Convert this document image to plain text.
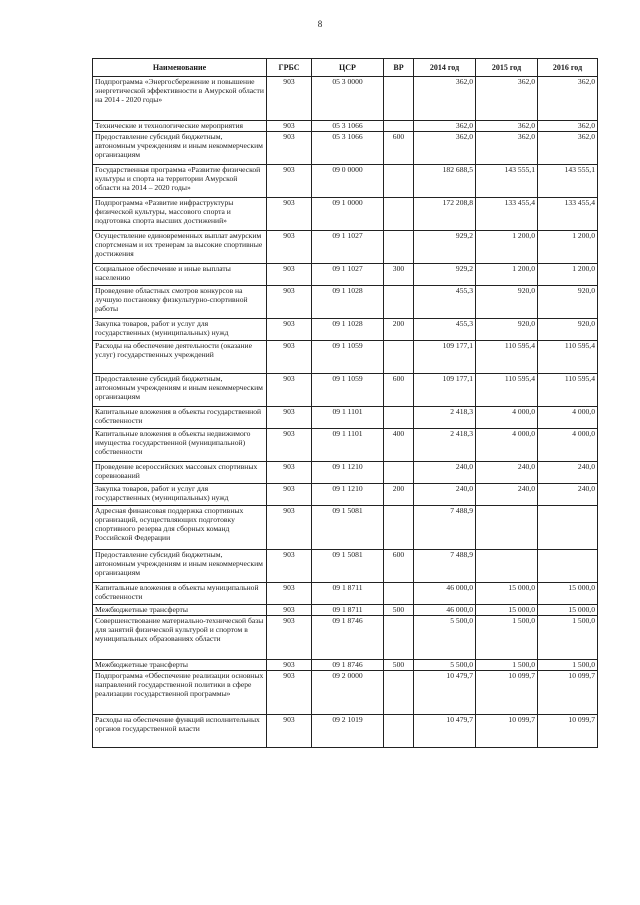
8
Наименование	ГРБС	ЦСР	ВР	2014 год	2015 год	2016 год
Подпрограмма «Энергосбережение и повышение энергетической эффективности в Амурской области на 2014 - 2020 годы»	903	05 3 0000		362,0	362,0	362,0
Технические и технологические мероприятия	903	05 3 1066		362,0	362,0	362,0
Предоставление субсидий бюджетным, автономным учреждениям и иным некоммерческим организациям	903	05 3 1066	600	362,0	362,0	362,0
Государственная программа «Развитие физической культуры и спорта на территории Амурской области на 2014 – 2020 годы»	903	09 0 0000		182 688,5	143 555,1	143 555,1
Подпрограмма «Развитие инфраструктуры физической культуры, массового спорта и подготовка спорта высших достижений»	903	09 1 0000		172 208,8	133 455,4	133 455,4
Осуществление единовременных выплат амурским спортсменам и их тренерам за высокие спортивные достижения	903	09 1 1027		929,2	1 200,0	1 200,0
Социальное обеспечение и иные выплаты населению	903	09 1 1027	300	929,2	1 200,0	1 200,0
Проведение областных смотров конкурсов на лучшую постановку физкультурно-спортивной работы	903	09 1 1028		455,3	920,0	920,0
Закупка товаров, работ и услуг для государственных (муниципальных) нужд	903	09 1 1028	200	455,3	920,0	920,0
Расходы на обеспечение деятельности (оказание услуг) государственных учреждений	903	09 1 1059		109 177,1	110 595,4	110 595,4
Предоставление субсидий бюджетным, автономным учреждениям и иным некоммерческим организациям	903	09 1 1059	600	109 177,1	110 595,4	110 595,4
Капитальные вложения в объекты государственной собственности	903	09 1 1101		2 418,3	4 000,0	4 000,0
Капитальные вложения в объекты недвижимого имущества государственной (муниципальной) собственности	903	09 1 1101	400	2 418,3	4 000,0	4 000,0
Проведение всероссийских массовых спортивных соревнований	903	09 1 1210		240,0	240,0	240,0
Закупка товаров, работ и услуг для государственных (муниципальных) нужд	903	09 1 1210	200	240,0	240,0	240,0
Адресная финансовая поддержка спортивных организаций, осуществляющих подготовку спортивного резерва для сборных команд Российской Федерации	903	09 1 5081		7 488,9		
Предоставление субсидий бюджетным, автономным учреждениям и иным некоммерческим организациям	903	09 1 5081	600	7 488,9		
Капитальные вложения в объекты муниципальной собственности	903	09 1 8711		46 000,0	15 000,0	15 000,0
Межбюджетные трансферты	903	09 1 8711	500	46 000,0	15 000,0	15 000,0
Совершенствование материально-технической базы для занятий физической культурой и спортом в муниципальных образованиях области	903	09 1 8746		5 500,0	1 500,0	1 500,0
Межбюджетные трансферты	903	09 1 8746	500	5 500,0	1 500,0	1 500,0
Подпрограмма «Обеспечение реализации основных направлений государственной политики в сфере реализации государственной программы»	903	09 2 0000		10 479,7	10 099,7	10 099,7
Расходы на обеспечение функций исполнительных органов государственной власти	903	09 2 1019		10 479,7	10 099,7	10 099,7
